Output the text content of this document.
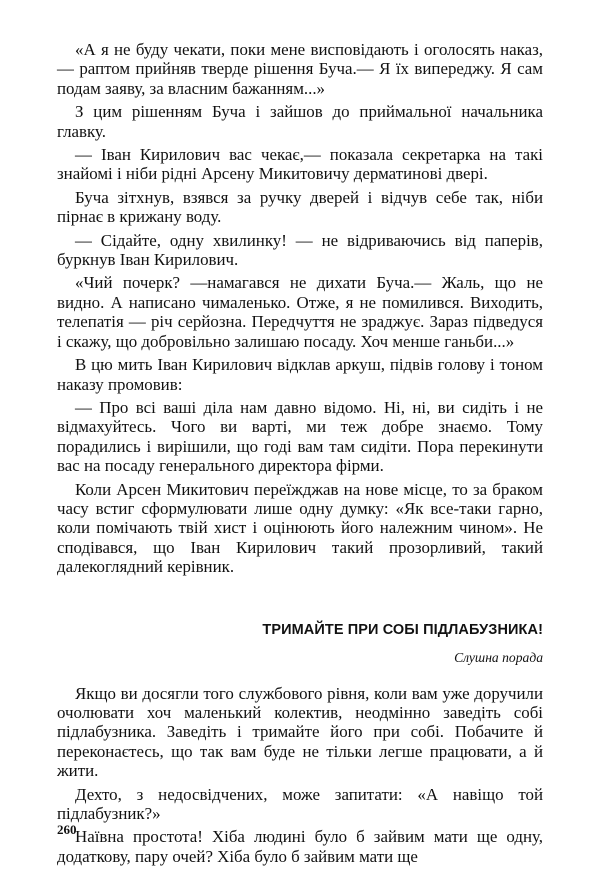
«А я не буду чекати, поки мене висповідають і оголосять наказ,— раптом прийняв тверде рішення Буча.— Я їх випереджу. Я сам подам заяву, за власним бажанням...»

З цим рішенням Буча і зайшов до приймальної начальника главку.

— Іван Кирилович вас чекає,— показала секретарка на такі знайомі і ніби рідні Арсену Микитовичу дерматинові двері.

Буча зітхнув, взявся за ручку дверей і відчув себе так, ніби пірнає в крижану воду.

— Сідайте, одну хвилинку! — не відриваючись від паперів, буркнув Іван Кирилович.

«Чий почерк? —намагався не дихати Буча.— Жаль, що не видно. А написано чималенько. Отже, я не помилився. Виходить, телепатія — річ серйозна. Передчуття не зраджує. Зараз підведуся і скажу, що добровільно залишаю посаду. Хоч менше ганьби...»

В цю мить Іван Кирилович відклав аркуш, підвів голову і тоном наказу промовив:

— Про всі ваші діла нам давно відомо. Ні, ні, ви сидіть і не відмахуйтесь. Чого ви варті, ми теж добре знаємо. Тому порадились і вирішили, що годі вам там сидіти. Пора перекинути вас на посаду генерального директора фірми.

Коли Арсен Микитович переїжджав на нове місце, то за браком часу встиг сформулювати лише одну думку: «Як все-таки гарно, коли помічають твій хист і оцінюють його належним чином». Не сподівався, що Іван Кирилович такий прозорливий, такий далекоглядний керівник.

ТРИМАЙТЕ ПРИ СОБІ ПІДЛАБУЗНИКА!
Слушна порада

Якщо ви досягли того службового рівня, коли вам уже доручили очолювати хоч маленький колектив, неодмінно заведіть собі підлабузника. Заведіть і тримайте його при собі. Побачите й переконаєтесь, що так вам буде не тільки легше працювати, а й жити.

Дехто, з недосвідчених, може запитати: «А навіщо той підлабузник?»

Наївна простота! Хіба людині було б зайвим мати ще одну, додаткову, пару очей? Хіба було б зайвим мати ще

260
